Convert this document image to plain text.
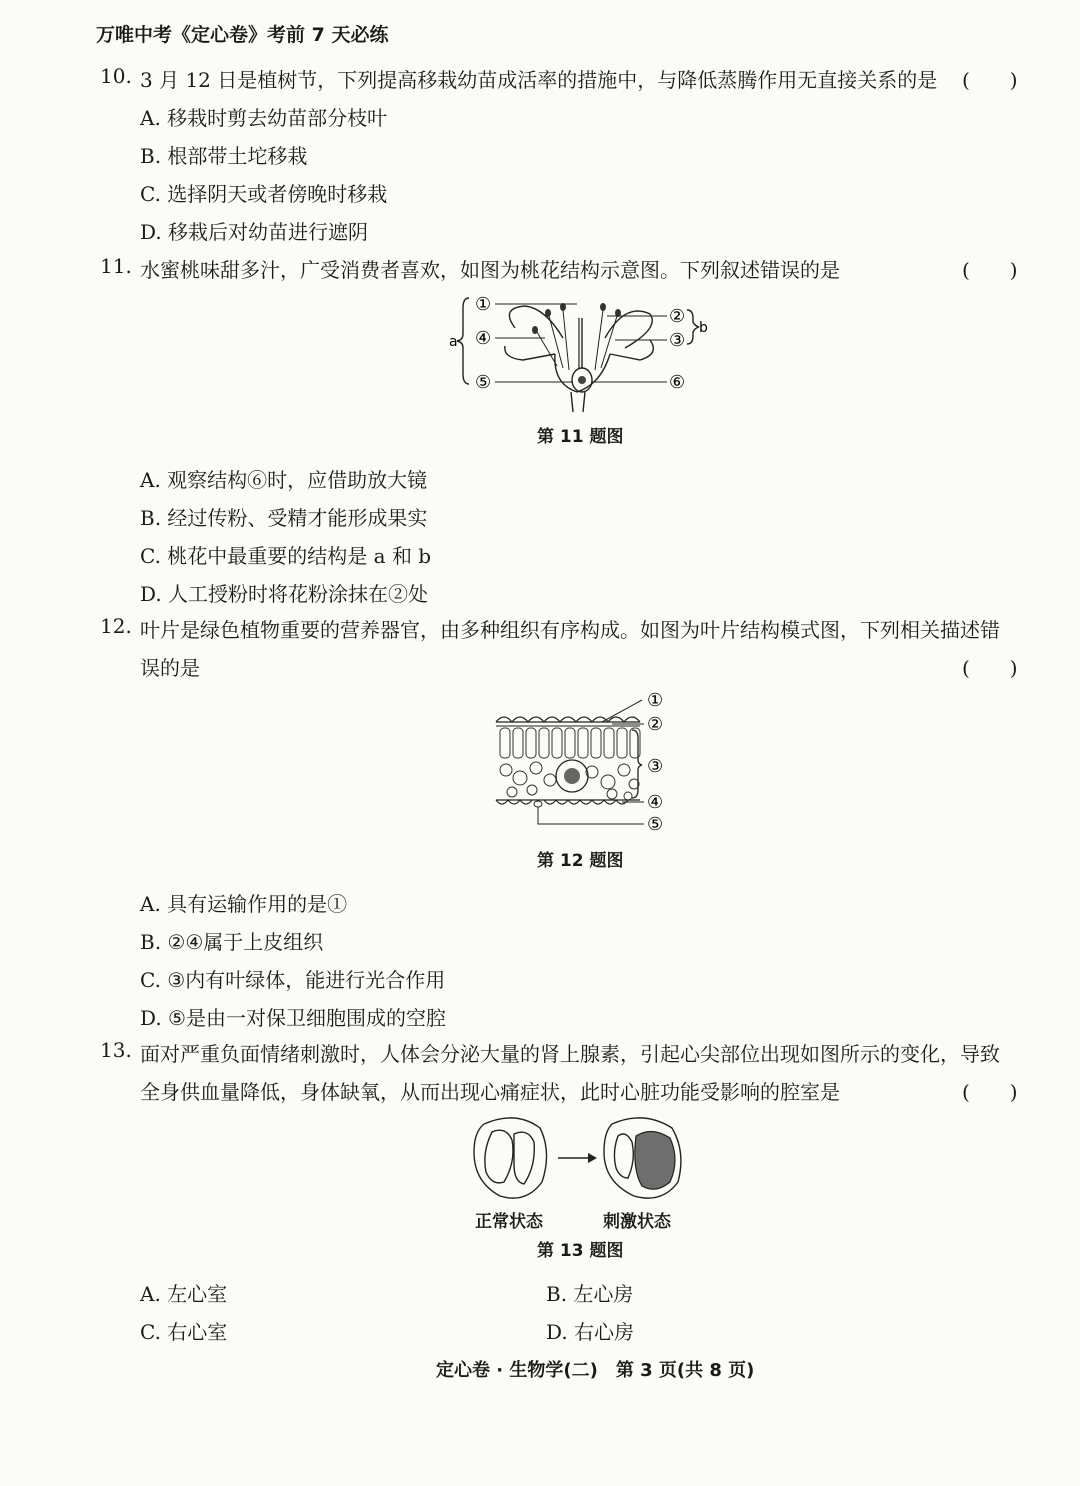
万唯中考《定心卷》考前 7 天必练
10. 3 月 12 日是植树节，下列提高移栽幼苗成活率的措施中，与降低蒸腾作用无直接关系的是 (　　)
A. 移栽时剪去幼苗部分枝叶
B. 根部带土坨移栽
C. 选择阴天或者傍晚时移栽
D. 移栽后对幼苗进行遮阴
11. 水蜜桃味甜多汁，广受消费者喜欢，如图为桃花结构示意图。下列叙述错误的是	(　　)
a
b
①
②
③
④
⑤	⑥
第 11 题图
A. 观察结构⑥时，应借助放大镜
B. 经过传粉、受精才能形成果实
C. 桃花中最重要的结构是 a 和 b
D. 人工授粉时将花粉涂抹在②处
12. 叶片是绿色植物重要的营养器官，由多种组织有序构成。如图为叶片结构模式图，下列相关描述错
误的是	(　　)
①
②
③
④
⑤
第 12 题图
A. 具有运输作用的是①
B. ②④属于上皮组织
C. ③内有叶绿体，能进行光合作用
D. ⑤是由一对保卫细胞围成的空腔
13. 面对严重负面情绪刺激时，人体会分泌大量的肾上腺素，引起心尖部位出现如图所示的变化，导致
全身供血量降低，身体缺氧，从而出现心痛症状，此时心脏功能受影响的腔室是	(　　)
正常状态	刺激状态
第 13 题图
A. 左心室	B. 左心房
C. 右心室	D. 右心房
定心卷 · 生物学(二)　第 3 页(共 8 页)
